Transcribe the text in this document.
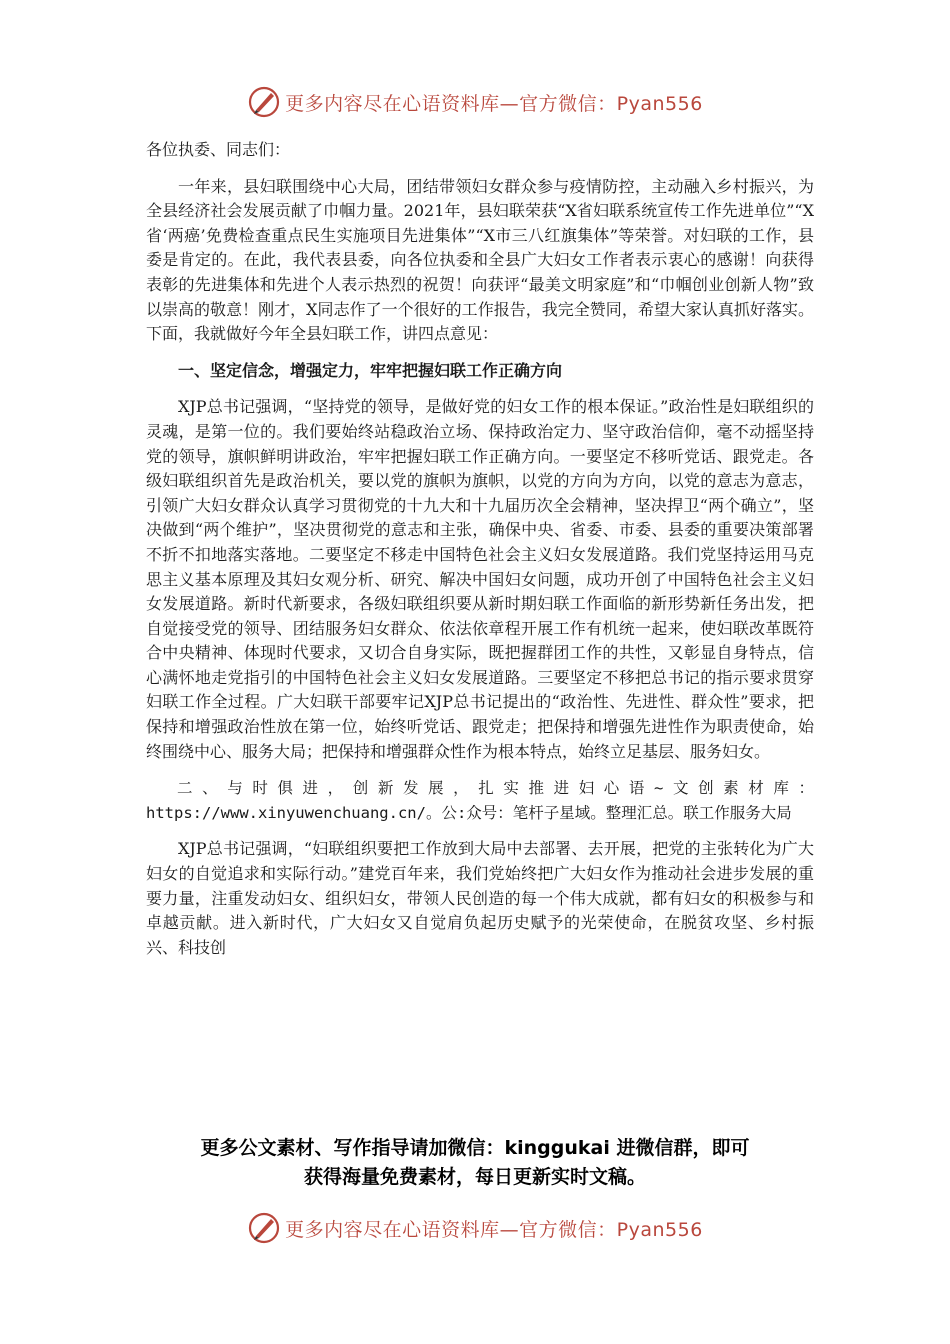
更多内容尽在心语资料库—官方微信：Pyan556

各位执委、同志们：

一年来，县妇联围绕中心大局，团结带领妇女群众参与疫情防控，主动融入乡村振兴，为全县经济社会发展贡献了巾帼力量。2021年，县妇联荣获“X省妇联系统宣传工作先进单位”“X省‘两癌’免费检查重点民生实施项目先进集体”“X市三八红旗集体”等荣誉。对妇联的工作，县委是肯定的。在此，我代表县委，向各位执委和全县广大妇女工作者表示衷心的感谢！向获得表彰的先进集体和先进个人表示热烈的祝贺！向获评“最美文明家庭”和“巾帼创业创新人物”致以崇高的敬意！刚才，X同志作了一个很好的工作报告，我完全赞同，希望大家认真抓好落实。下面，我就做好今年全县妇联工作，讲四点意见：

一、坚定信念，增强定力，牢牢把握妇联工作正确方向

XJP总书记强调，“坚持党的领导，是做好党的妇女工作的根本保证。”政治性是妇联组织的灵魂，是第一位的。我们要始终站稳政治立场、保持政治定力、坚守政治信仰，毫不动摇坚持党的领导，旗帜鲜明讲政治，牢牢把握妇联工作正确方向。一要坚定不移听党话、跟党走。各级妇联组织首先是政治机关，要以党的旗帜为旗帜，以党的方向为方向，以党的意志为意志，引领广大妇女群众认真学习贯彻党的十九大和十九届历次全会精神，坚决捍卫“两个确立”，坚决做到“两个维护”，坚决贯彻党的意志和主张，确保中央、省委、市委、县委的重要决策部署不折不扣地落实落地。二要坚定不移走中国特色社会主义妇女发展道路。我们党坚持运用马克思主义基本原理及其妇女观分析、研究、解决中国妇女问题，成功开创了中国特色社会主义妇女发展道路。新时代新要求，各级妇联组织要从新时期妇联工作面临的新形势新任务出发，把自觉接受党的领导、团结服务妇女群众、依法依章程开展工作有机统一起来，使妇联改革既符合中央精神、体现时代要求，又切合自身实际，既把握群团工作的共性，又彰显自身特点，信心满怀地走党指引的中国特色社会主义妇女发展道路。三要坚定不移把总书记的指示要求贯穿妇联工作全过程。广大妇联干部要牢记XJP总书记提出的“政治性、先进性、群众性”要求，把保持和增强政治性放在第一位，始终听党话、跟党走；把保持和增强先进性作为职责使命，始终围绕中心、服务大局；把保持和增强群众性作为根本特点，始终立足基层、服务妇女。

二、与时俱进，创新发展，扎实推进妇心语~文创素材库：https://www.xinyuwenchuang.cn/。公:众号：笔杆子星域。整理汇总。联工作服务大局

XJP总书记强调，“妇联组织要把工作放到大局中去部署、去开展，把党的主张转化为广大妇女的自觉追求和实际行动。”建党百年来，我们党始终把广大妇女作为推动社会进步发展的重要力量，注重发动妇女、组织妇女，带领人民创造的每一个伟大成就，都有妇女的积极参与和卓越贡献。进入新时代，广大妇女又自觉肩负起历史赋予的光荣使命，在脱贫攻坚、乡村振兴、科技创

更多公文素材、写作指导请加微信：kinggukai 进微信群，即可
获得海量免费素材，每日更新实时文稿。
更多内容尽在心语资料库—官方微信：Pyan556
